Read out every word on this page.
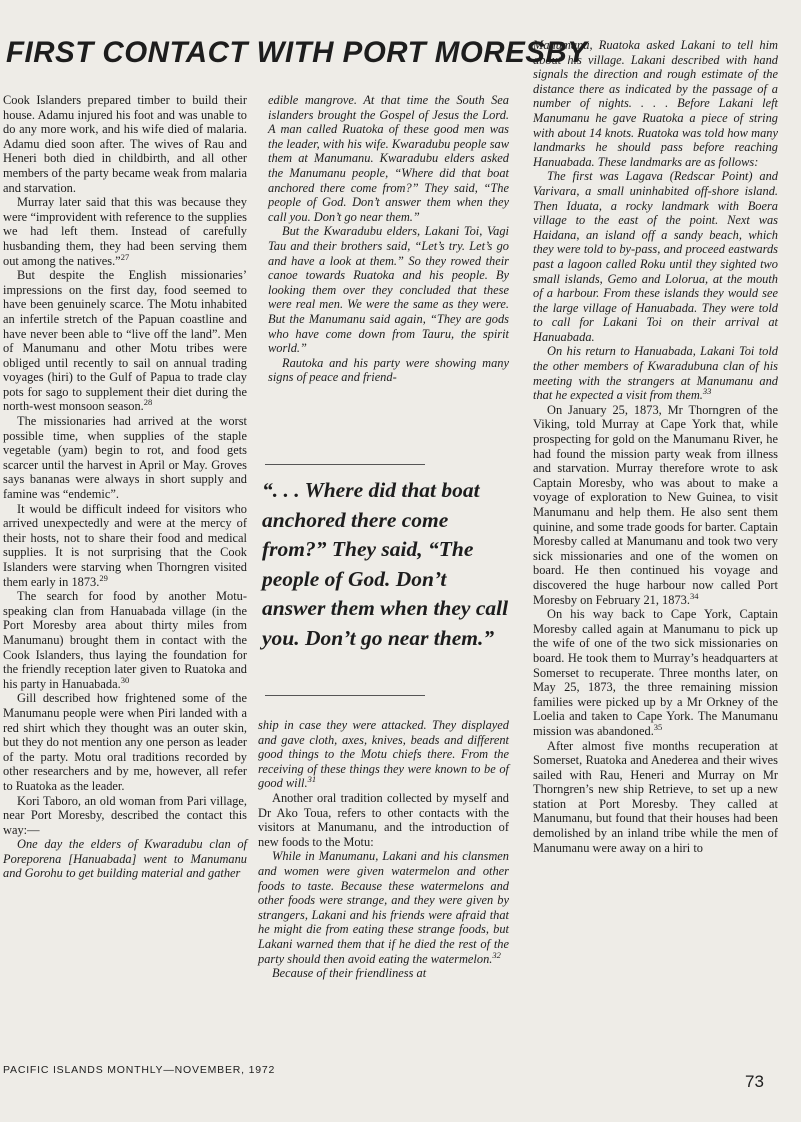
FIRST CONTACT WITH PORT MORESBY

Cook Islanders prepared timber to build their house. Adamu injured his foot and was unable to do any more work, and his wife died of malaria. Adamu died soon after. The wives of Rau and Heneri both died in childbirth, and all other members of the party became weak from malaria and starvation.

Murray later said that this was because they were “improvident with reference to the supplies we had left them. Instead of carefully husbanding them, they had been serving them out among the natives.”$^{27}$

But despite the English missionaries’ impressions on the first day, food seemed to have been genuinely scarce. The Motu inhabited an infertile stretch of the Papuan coastline and have never been able to “live off the land”. Men of Manumanu and other Motu tribes were obliged until recently to sail on annual trading voyages (hiri) to the Gulf of Papua to trade clay pots for sago to supplement their diet during the north-west monsoon season.$^{28}$

The missionaries had arrived at the worst possible time, when supplies of the staple vegetable (yam) begin to rot, and food gets scarcer until the harvest in April or May. Groves says bananas were always in short supply and famine was “endemic”.

It would be difficult indeed for visitors who arrived unexpectedly and were at the mercy of their hosts, not to share their food and medical supplies. It is not surprising that the Cook Islanders were starving when Thorngren visited them early in 1873.29

The search for food by another Motu-speaking clan from Hanuabada village (in the Port Moresby area about thirty miles from Manumanu) brought them in contact with the Cook Islanders, thus laying the foundation for the friendly reception later given to Ruatoka and his party in Hanuabada.$^{30}$

Gill described how frightened some of the Manumanu people were when Piri landed with a red shirt which they thought was an outer skin, but they do not mention any one person as leader of the party. Motu oral traditions recorded by other researchers and by me, however, all refer to Ruatoka as the leader.

Kori Taboro, an old woman from Pari village, near Port Moresby, described the contact this way:—

One day the elders of Kwaradubu clan of Poreporena [Hanuabada] went to Manumanu and Gorohu to get building material and gather

edible mangrove. At that time the South Sea islanders brought the Gospel of Jesus the Lord. A man called Ruatoka of these good men was the leader, with his wife. Kwaradubu people saw them at Manumanu. Kwaradubu elders asked the Manumanu people, “Where did that boat anchored there come from?” They said, “The people of God. Don’t answer them when they call you. Don’t go near them.”

But the Kwaradubu elders, Lakani Toi, Vagi Tau and their brothers said, “Let’s try. Let’s go and have a look at them.” So they rowed their canoe towards Ruatoka and his people. By looking them over they concluded that these were real men. We were the same as they were. But the Manumanu said again, “They are gods who have come down from Tauru, the spirit world.”

Rautoka and his party were showing many signs of peace and friend-

“. . . Where did that boat anchored there come from?” They said, “The people of God. Don’t answer them when they call you. Don’t go near them.”

ship in case they were attacked. They displayed and gave cloth, axes, knives, beads and different good things to the Motu chiefs there. From the receiving of these things they were known to be of good will.$^{31}$

Another oral tradition collected by myself and Dr Ako Toua, refers to other contacts with the visitors at Manumanu, and the introduction of new foods to the Motu:

While in Manumanu, Lakani and his clansmen and women were given watermelon and other foods to taste. Because these watermelons and other foods were strange, and they were given by strangers, Lakani and his friends were afraid that he might die from eating these strange foods, but Lakani warned them that if he died the rest of the party should then avoid eating the watermelon.$^{32}$

Because of their friendliness at

Manumanu, Ruatoka asked Lakani to tell him about his village. Lakani described with hand signals the direction and rough estimate of the distance there as indicated by the passage of a number of nights. . . . Before Lakani left Manumanu he gave Ruatoka a piece of string with about 14 knots. Ruatoka was told how many landmarks he should pass before reaching Hanuabada. These landmarks are as follows:

The first was Lagava (Redscar Point) and Varivara, a small uninhabited off-shore island. Then Iduata, a rocky landmark with Boera village to the east of the point. Next was Haidana, an island off a sandy beach, which they were told to by-pass, and proceed eastwards past a lagoon called Roku until they sighted two small islands, Gemo and Lolorua, at the mouth of a harbour. From these islands they would see the large village of Hanuabada. They were told to call for Lakani Toi on their arrival at Hanuabada.

On his return to Hanuabada, Lakani Toi told the other members of Kwaradubuna clan of his meeting with the strangers at Manumanu and that he expected a visit from them.$^{33}$

On January 25, 1873, Mr Thorngren of the Viking, told Murray at Cape York that, while prospecting for gold on the Manumanu River, he had found the mission party weak from illness and starvation. Murray therefore wrote to ask Captain Moresby, who was about to make a voyage of exploration to New Guinea, to visit Manumanu and help them. He also sent them quinine, and some trade goods for barter. Captain Moresby called at Manumanu and took two very sick missionaries and one of the women on board. He then continued his voyage and discovered the huge harbour now called Port Moresby on February 21, 1873.34

On his way back to Cape York, Captain Moresby called again at Manumanu to pick up the wife of one of the two sick missionaries on board. He took them to Murray’s headquarters at Somerset to recuperate. Three months later, on May 25, 1873, the three remaining mission families were picked up by a Mr Orkney of the Loelia and taken to Cape York. The Manumanu mission was abandoned.$^{35}$

After almost five months recuperation at Somerset, Ruatoka and Anederea and their wives sailed with Rau, Heneri and Murray on Mr Thorngren’s new ship Retrieve, to set up a new station at Port Moresby. They called at Manumanu, but found that their houses had been demolished by an inland tribe while the men of Manumanu were away on a hiri to

PACIFIC ISLANDS MONTHLY—NOVEMBER, 1972

73
